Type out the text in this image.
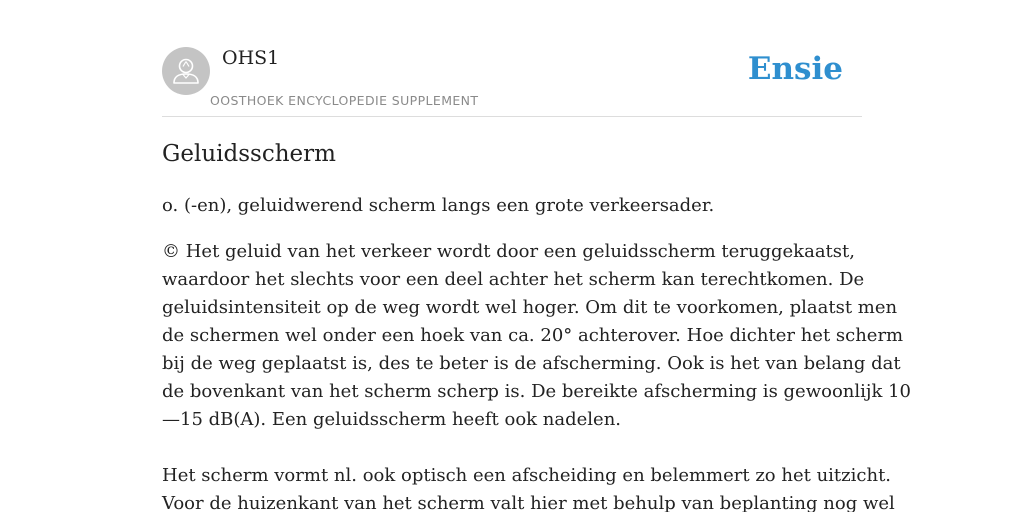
OHS1
OOSTHOEK ENCYCLOPEDIE SUPPLEMENT
Ensie
Geluidsscherm

o. (-en), geluidwerend scherm langs een grote verkeersader.

© Het geluid van het verkeer wordt door een geluidsscherm teruggekaatst,
waardoor het slechts voor een deel achter het scherm kan terechtkomen. De
geluidsintensiteit op de weg wordt wel hoger. Om dit te voorkomen, plaatst men
de schermen wel onder een hoek van ca. 20° achterover. Hoe dichter het scherm
bij de weg geplaatst is, des te beter is de afscherming. Ook is het van belang dat
de bovenkant van het scherm scherp is. De bereikte afscherming is gewoonlijk 10
—15 dB(A). Een geluidsscherm heeft ook nadelen.
Het scherm vormt nl. ook optisch een afscheiding en belemmert zo het uitzicht.
Voor de huizenkant van het scherm valt hier met behulp van beplanting nog wel
